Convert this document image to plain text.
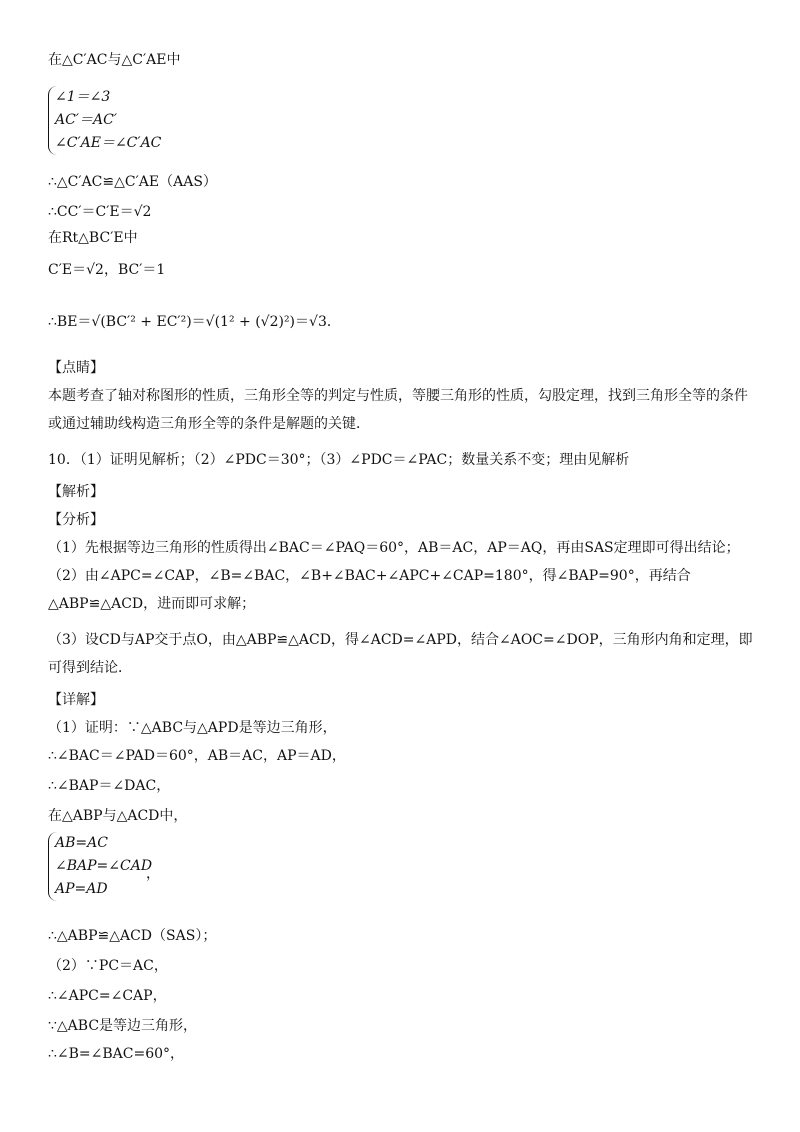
在△C′AC与△C′AE中
∠1＝∠3
AC′＝AC′
∠C′AE＝∠C′AC
∴△C′AC≌△C′AE（AAS）
∴CC′＝C′E＝√2
在Rt△BC′E中
C′E＝√2，BC′＝1
∴BE＝√(BC′² + EC′²)＝√(1² + (√2)²)＝√3．
【点睛】
本题考查了轴对称图形的性质，三角形全等的判定与性质，等腰三角形的性质，勾股定理，找到三角形全等的条件或通过辅助线构造三角形全等的条件是解题的关键．
10．（1）证明见解析；（2）∠PDC＝30°；（3）∠PDC＝∠PAC；数量关系不变；理由见解析
【解析】
【分析】
（1）先根据等边三角形的性质得出∠BAC＝∠PAQ＝60°，AB＝AC，AP＝AQ，再由SAS定理即可得出结论；
（2）由∠APC=∠CAP，∠B=∠BAC，∠B+∠BAC+∠APC+∠CAP=180°，得∠BAP=90°，再结合△ABP≌△ACD，进而即可求解；
（3）设CD与AP交于点O，由△ABP≌△ACD，得∠ACD=∠APD，结合∠AOC=∠DOP，三角形内角和定理，即可得到结论．
【详解】
（1）证明：∵△ABC与△APD是等边三角形，
∴∠BAC＝∠PAD＝60°，AB＝AC，AP＝AD，
∴∠BAP＝∠DAC，
在△ABP与△ACD中，
AB=AC
∠BAP=∠CAD
AP=AD
，
∴△ABP≌△ACD（SAS）；
（2）∵PC＝AC，
∴∠APC=∠CAP，
∵△ABC是等边三角形，
∴∠B=∠BAC=60°，
